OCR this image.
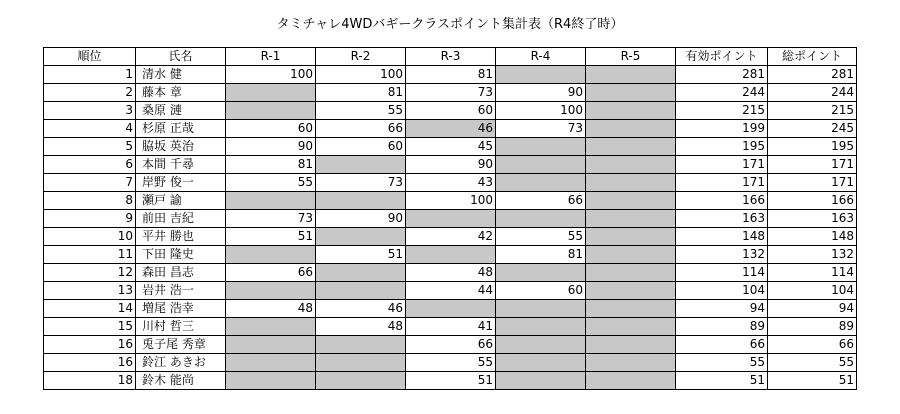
タミチャレ4WDバギークラスポイント集計表（R4終了時）
順位	氏名	R-1	R-2	R-3	R-4	R-5	有効ポイント	総ポイント
1	清水 健	100	100	81			281	281
2	藤本 章		81	73	90		244	244
3	桑原 漣		55	60	100		215	215
4	杉原 正哉	60	66	46	73		199	245
5	脇坂 英治	90	60	45			195	195
6	本間 千尋	81		90			171	171
7	岸野 俊一	55	73	43			171	171
8	瀬戸 諭			100	66		166	166
9	前田 吉紀	73	90				163	163
10	平井 勝也	51		42	55		148	148
11	下田 隆史		51		81		132	132
12	森田 昌志	66		48			114	114
13	岩井 浩一			44	60		104	104
14	増尾 浩幸	48	46				94	94
15	川村 哲三		48	41			89	89
16	兎子尾 秀章			66			66	66
16	鈴江 あきお			55			55	55
18	鈴木 能尚			51			51	51
